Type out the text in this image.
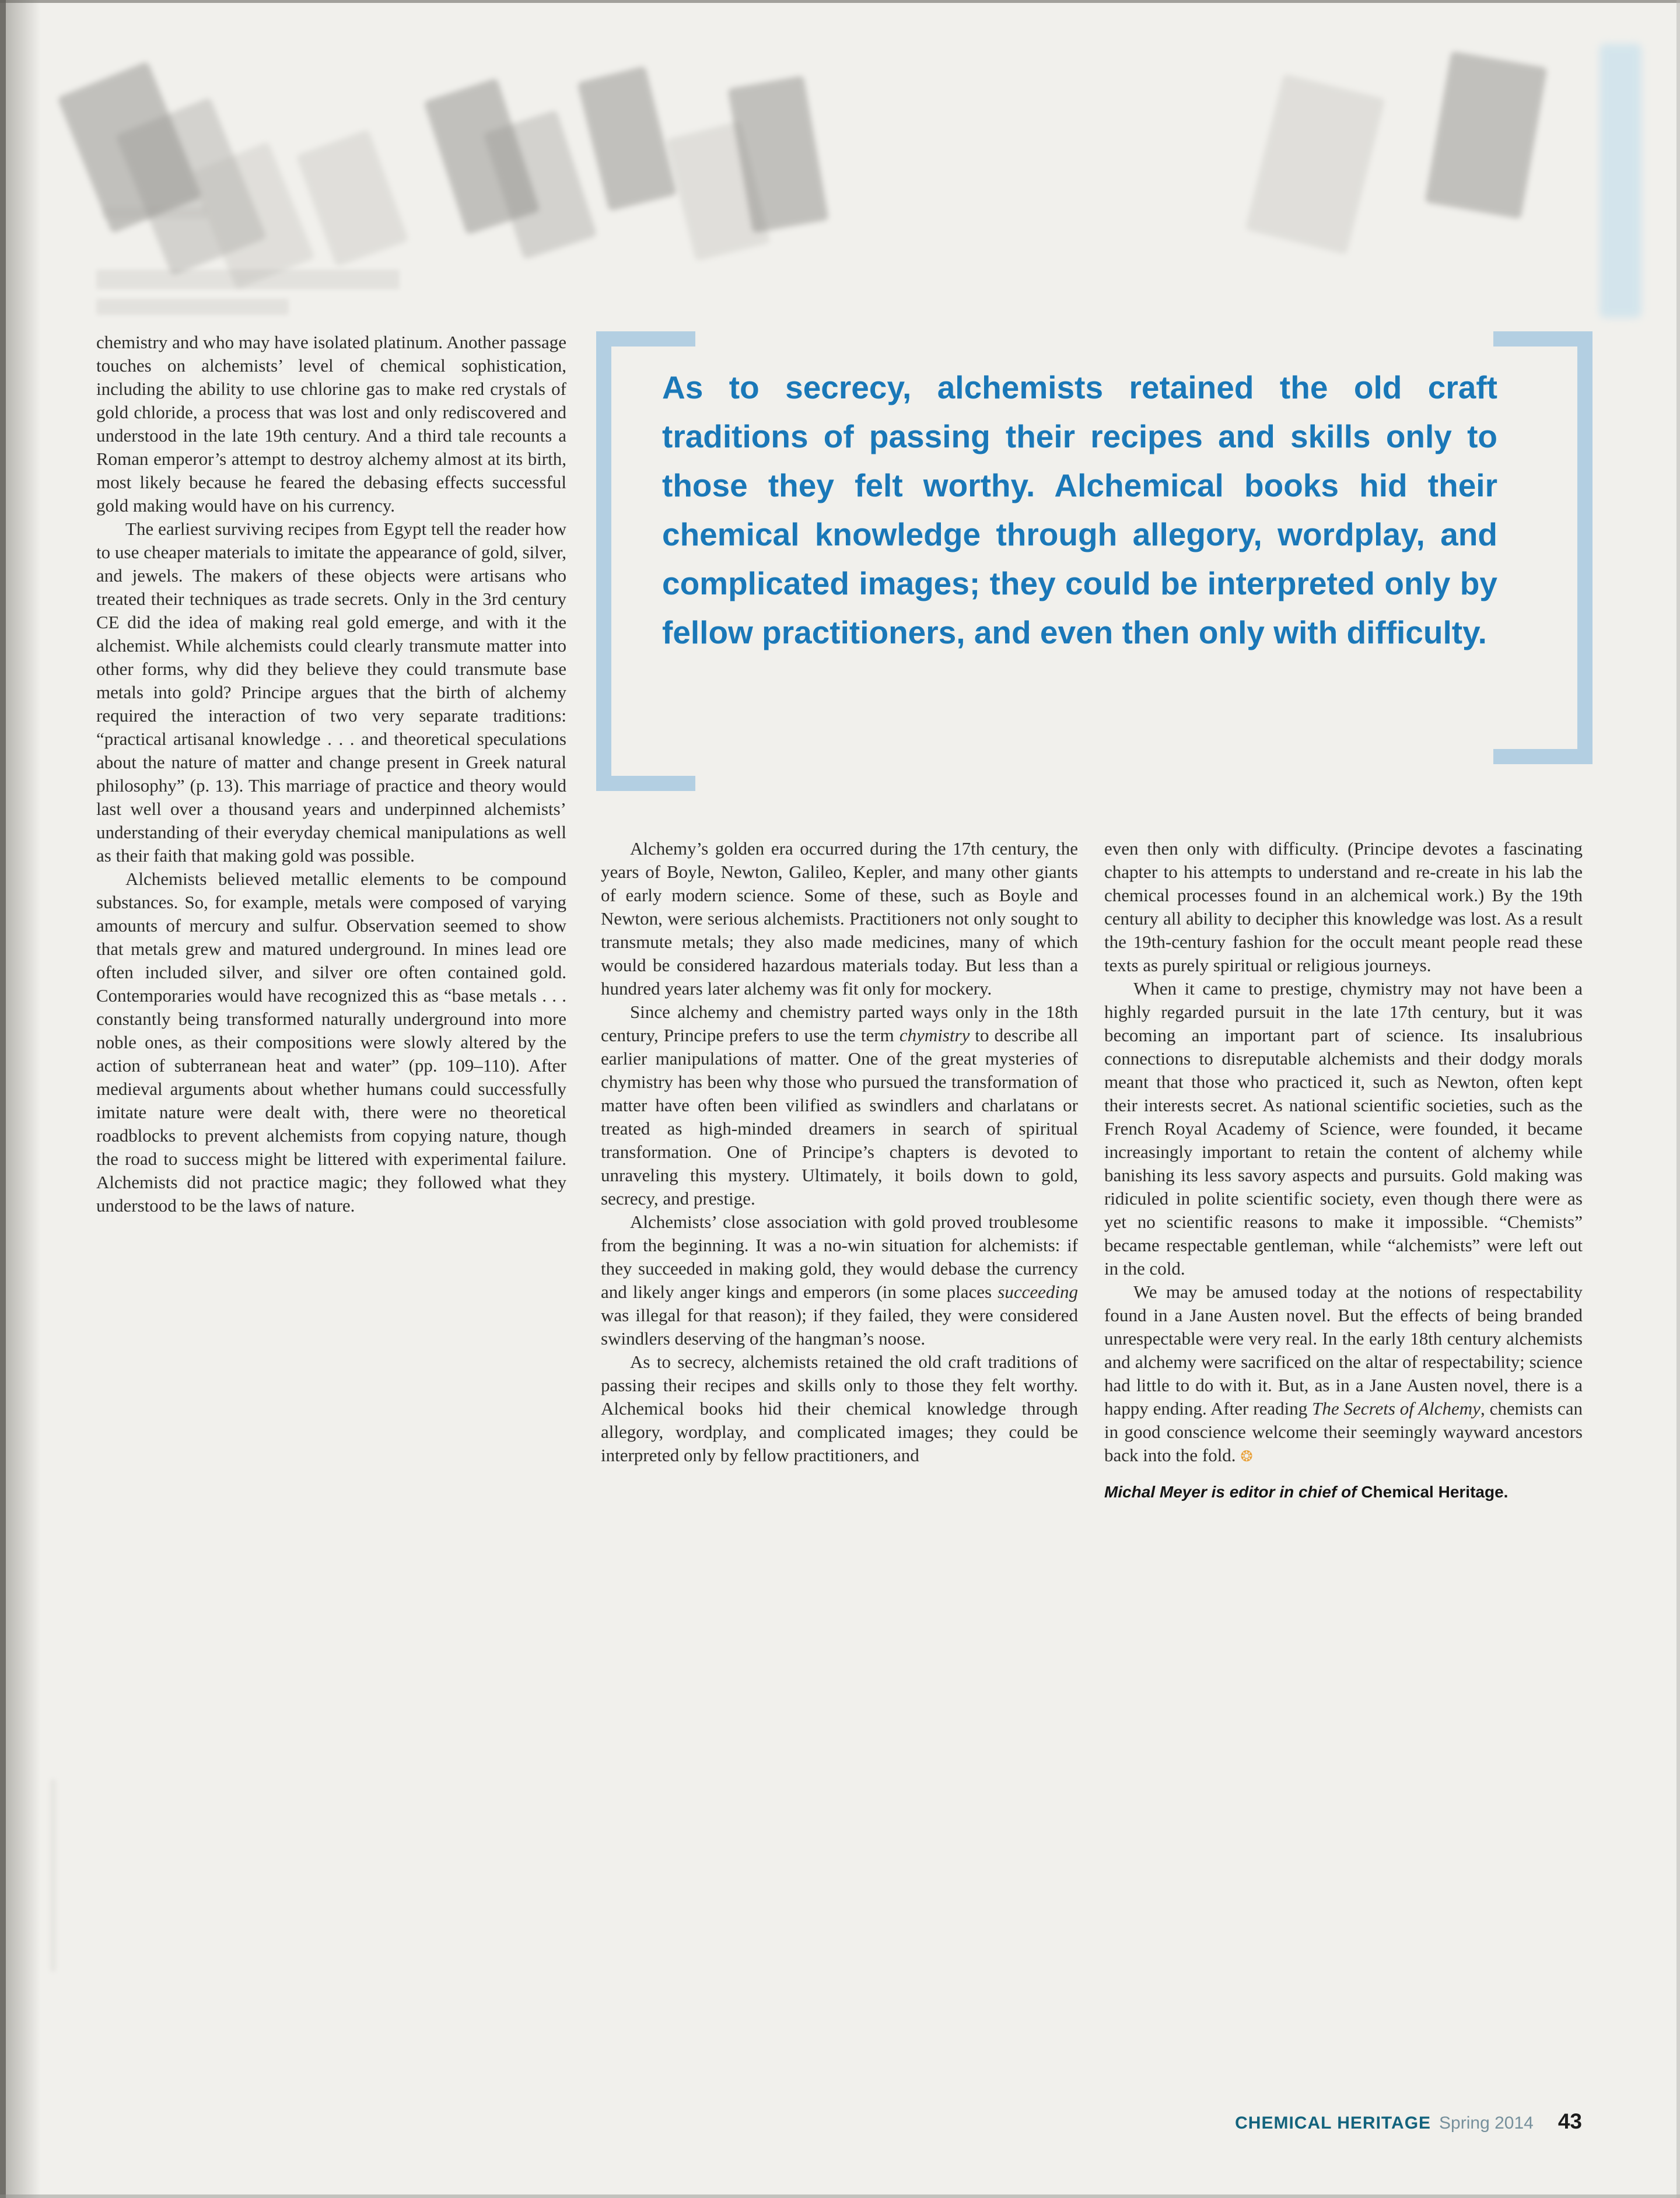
As to secrecy, alchemists retained the old craft traditions of passing their recipes and skills only to those they felt worthy. Alchemical books hid their chemical knowledge through allegory, wordplay, and complicated images; they could be interpreted only by fellow practitioners, and even then only with difficulty.

chemistry and who may have isolated platinum. Another passage touches on alchemists’ level of chemical sophistication, including the ability to use chlorine gas to make red crystals of gold chloride, a process that was lost and only rediscovered and understood in the late 19th century. And a third tale recounts a Roman emperor’s attempt to destroy alchemy almost at its birth, most likely because he feared the debasing effects successful gold making would have on his currency.

The earliest surviving recipes from Egypt tell the reader how to use cheaper materials to imitate the appearance of gold, silver, and jewels. The makers of these objects were artisans who treated their techniques as trade secrets. Only in the 3rd century CE did the idea of making real gold emerge, and with it the alchemist. While alchemists could clearly transmute matter into other forms, why did they believe they could transmute base metals into gold? Principe argues that the birth of alchemy required the interaction of two very separate traditions: “practical artisanal knowledge . . . and theoretical speculations about the nature of matter and change present in Greek natural philosophy” (p. 13). This marriage of practice and theory would last well over a thousand years and underpinned alchemists’ understanding of their everyday chemical manipulations as well as their faith that making gold was possible.

Alchemists believed metallic elements to be compound substances. So, for example, metals were composed of varying amounts of mercury and sulfur. Observation seemed to show that metals grew and matured underground. In mines lead ore often included silver, and silver ore often contained gold. Contemporaries would have recognized this as “base metals . . . constantly being transformed naturally underground into more noble ones, as their compositions were slowly altered by the action of subterranean heat and water” (pp. 109–110). After medieval arguments about whether humans could successfully imitate nature were dealt with, there were no theoretical roadblocks to prevent alchemists from copying nature, though the road to success might be littered with experimental failure. Alchemists did not practice magic; they followed what they understood to be the laws of nature.

Alchemy’s golden era occurred during the 17th century, the years of Boyle, Newton, Galileo, Kepler, and many other giants of early modern science. Some of these, such as Boyle and Newton, were serious alchemists. Practitioners not only sought to transmute metals; they also made medicines, many of which would be considered hazardous materials today. But less than a hundred years later alchemy was fit only for mockery.

Since alchemy and chemistry parted ways only in the 18th century, Principe prefers to use the term chymistry to describe all earlier manipulations of matter. One of the great mysteries of chymistry has been why those who pursued the transformation of matter have often been vilified as swindlers and charlatans or treated as high-minded dreamers in search of spiritual transformation. One of Principe’s chapters is devoted to unraveling this mystery. Ultimately, it boils down to gold, secrecy, and prestige.

Alchemists’ close association with gold proved troublesome from the beginning. It was a no-win situation for alchemists: if they succeeded in making gold, they would debase the currency and likely anger kings and emperors (in some places succeeding was illegal for that reason); if they failed, they were considered swindlers deserving of the hangman’s noose.

As to secrecy, alchemists retained the old craft traditions of passing their recipes and skills only to those they felt worthy. Alchemical books hid their chemical knowledge through allegory, wordplay, and complicated images; they could be interpreted only by fellow practitioners, and

even then only with difficulty. (Principe devotes a fascinating chapter to his attempts to understand and re-create in his lab the chemical processes found in an alchemical work.) By the 19th century all ability to decipher this knowledge was lost. As a result the 19th-century fashion for the occult meant people read these texts as purely spiritual or religious journeys.

When it came to prestige, chymistry may not have been a highly regarded pursuit in the late 17th century, but it was becoming an important part of science. Its insalubrious connections to disreputable alchemists and their dodgy morals meant that those who practiced it, such as Newton, often kept their interests secret. As national scientific societies, such as the French Royal Academy of Science, were founded, it became increasingly important to retain the content of alchemy while banishing its less savory aspects and pursuits. Gold making was ridiculed in polite scientific society, even though there were as yet no scientific reasons to make it impossible. “Chemists” became respectable gentleman, while “alchemists” were left out in the cold.

We may be amused today at the notions of respectability found in a Jane Austen novel. But the effects of being branded unrespectable were very real. In the early 18th century alchemists and alchemy were sacrificed on the altar of respectability; science had little to do with it. But, as in a Jane Austen novel, there is a happy ending. After reading The Secrets of Alchemy, chemists can in good conscience welcome their seemingly wayward ancestors back into the fold. ❂

Michal Meyer is editor in chief of Chemical Heritage.
CHEMICAL HERITAGE Spring 2014 43
